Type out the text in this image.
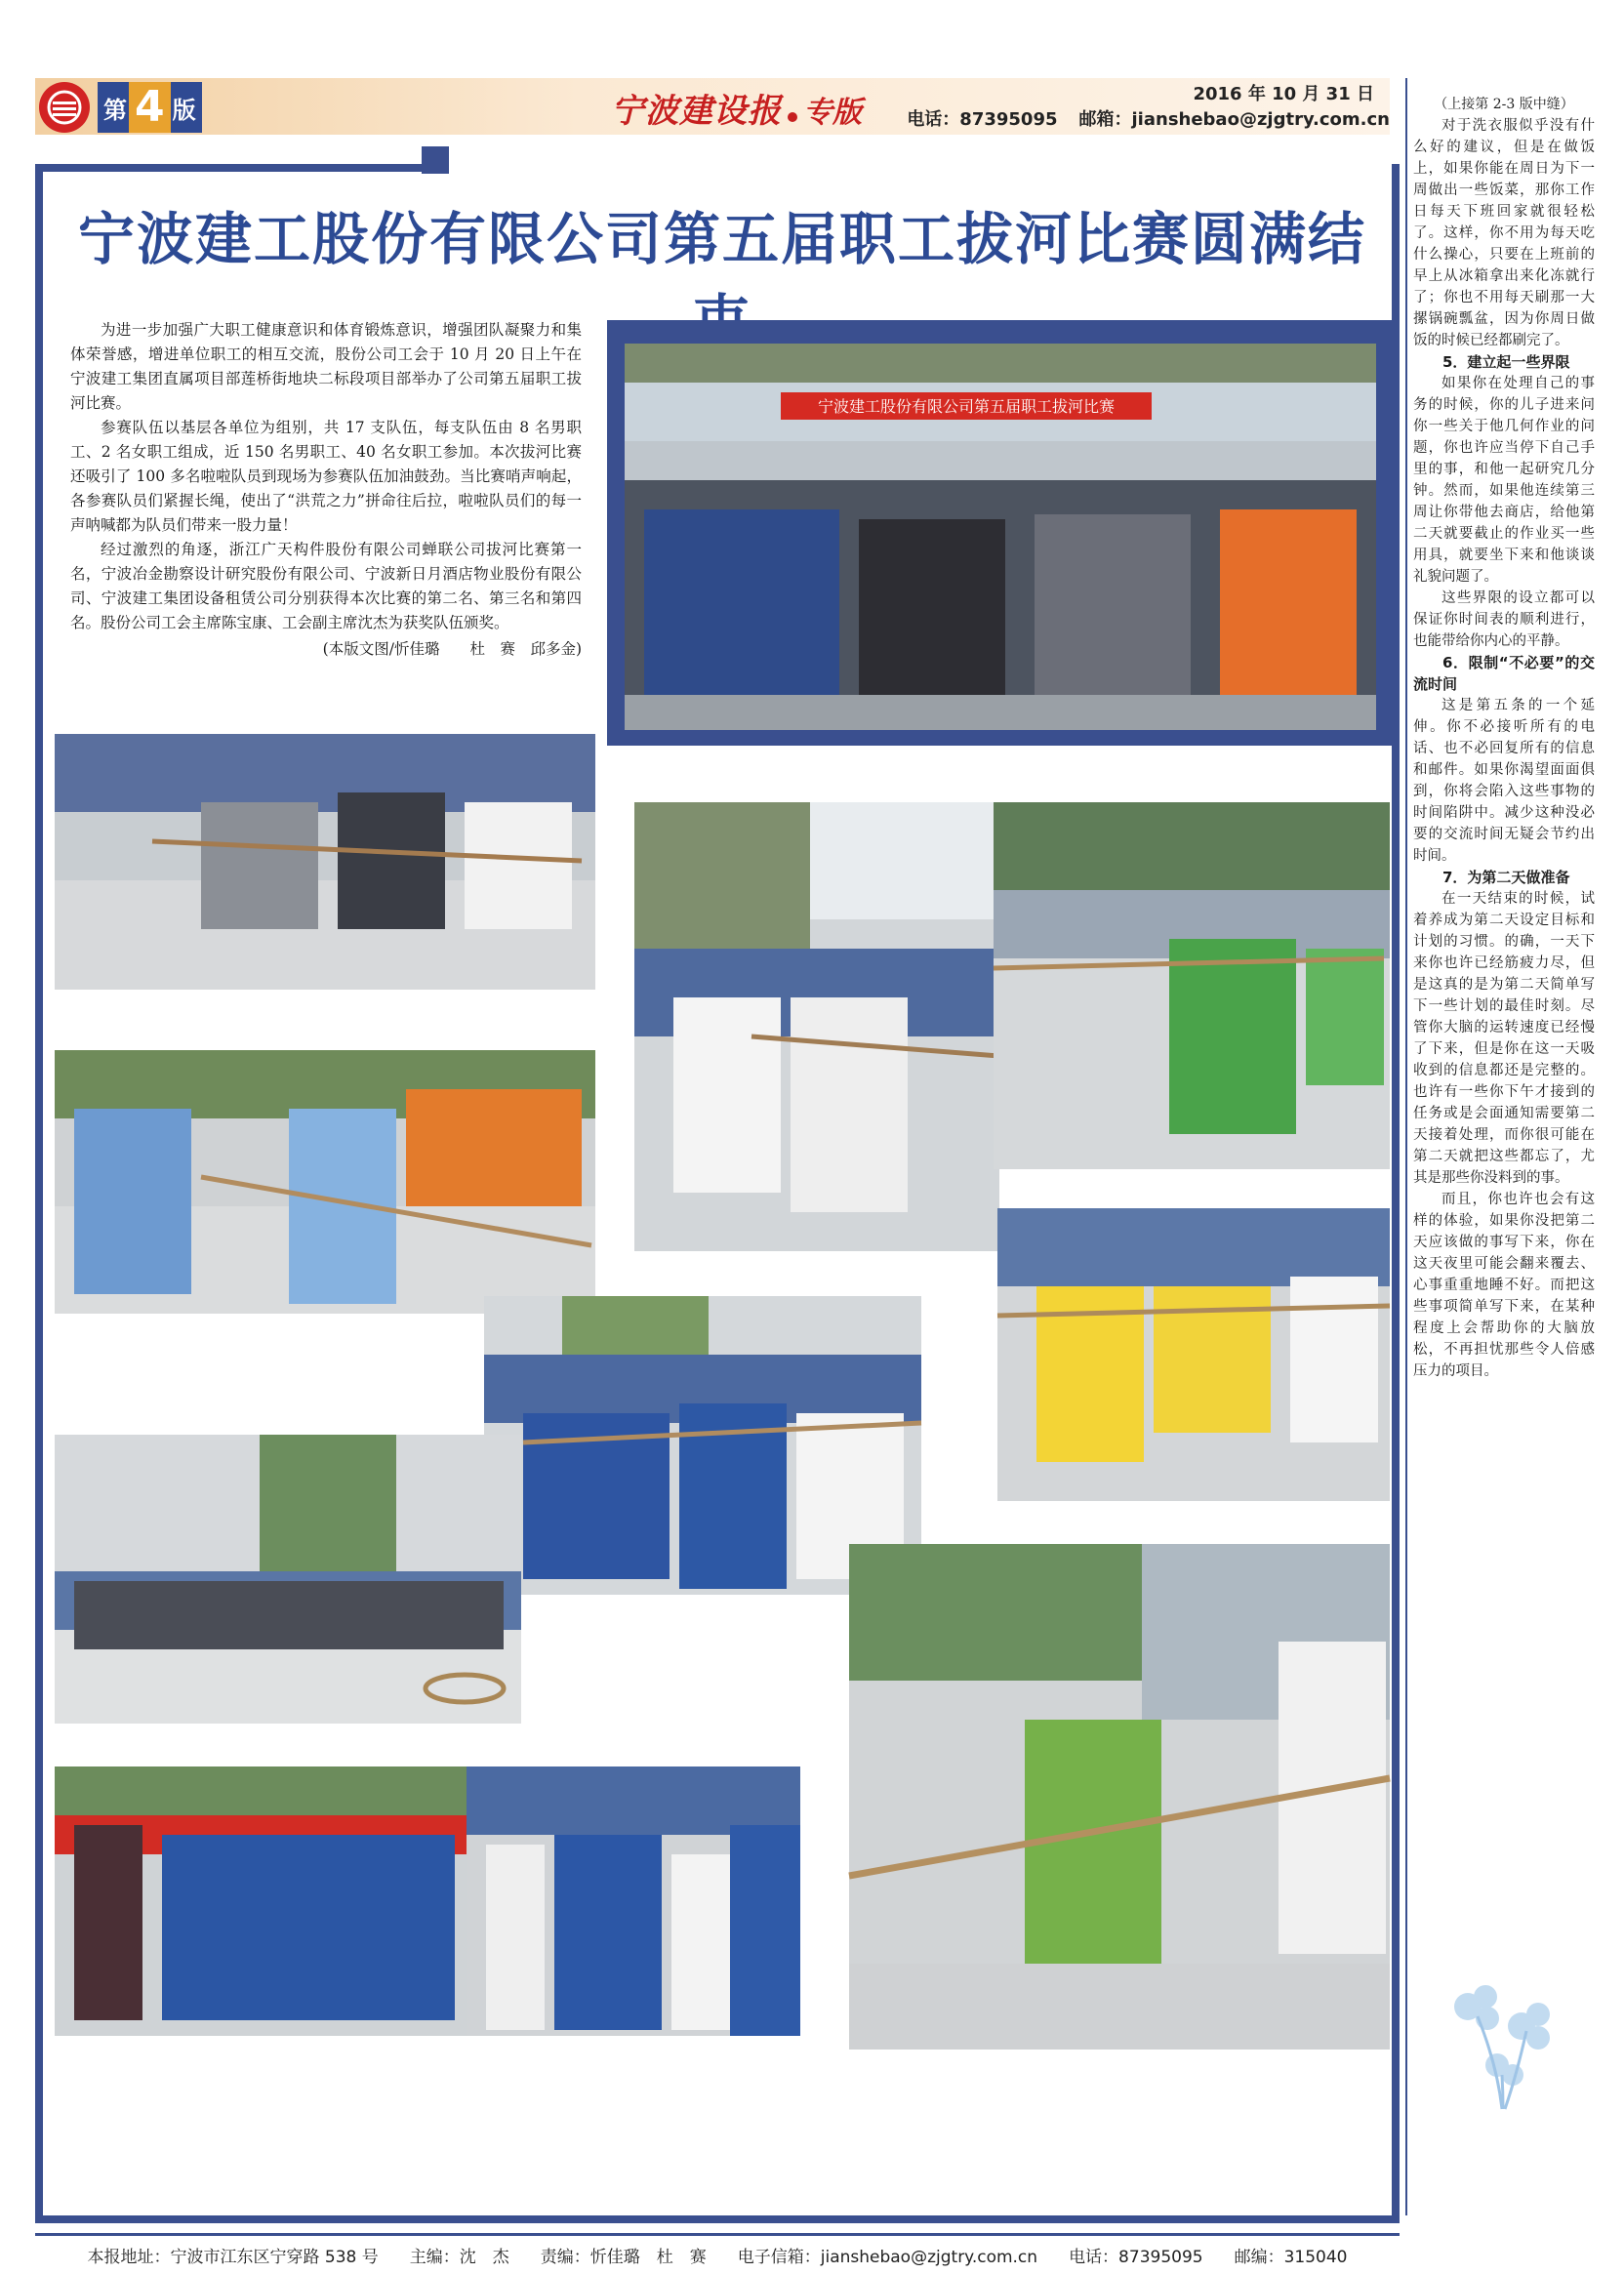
第 4 版	宁波建设报 专版
2016 年 10 月 31 日
电话：87395095 邮箱：jianshebao@zjgtry.com.cn
宁波建工股份有限公司第五届职工拔河比赛圆满结

为进一步加强广大职工健康意识和体育锻炼意识，增强团队凝聚力和集体荣誉感，增进单位职工的相互交流，股份公司工会于 10 月 20 日上午在宁波建工集团直属项目部莲桥街地块二标段项目部举办了公司第五届职工拔河比赛。

参赛队伍以基层各单位为组别，共 17 支队伍，每支队伍由 8 名男职工、2 名女职工组成，近 150 名男职工、40 名女职工参加。本次拔河比赛还吸引了 100 多名啦啦队员到现场为参赛队伍加油鼓劲。当比赛哨声响起，各参赛队员们紧握长绳，使出了“洪荒之力”拼命往后拉，啦啦队员们的每一声呐喊都为队员们带来一股力量！

经过激烈的角逐，浙江广天构件股份有限公司蝉联公司拔河比赛第一名，宁波冶金勘察设计研究股份有限公司、宁波新日月酒店物业股份有限公司、宁波建工集团设备租赁公司分别获得本次比赛的第二名、第三名和第四名。股份公司工会主席陈宝康、工会副主席沈杰为获奖队伍颁奖。

(本版文图/忻佳璐　　杜　赛　邱多金)

宁波建工股份有限公司第五届职工拔河比赛

（上接第 2-3 版中缝）

对于洗衣服似乎没有什么好的建议，但是在做饭上，如果你能在周日为下一周做出一些饭菜，那你工作日每天下班回家就很轻松了。这样，你不用为每天吃什么操心，只要在上班前的早上从冰箱拿出来化冻就行了；你也不用每天刷那一大摞锅碗瓢盆，因为你周日做饭的时候已经都刷完了。

5．建立起一些界限

如果你在处理自己的事务的时候，你的儿子进来问你一些关于他几何作业的问题，你也许应当停下自己手里的事，和他一起研究几分钟。然而，如果他连续第三周让你带他去商店，给他第二天就要截止的作业买一些用具，就要坐下来和他谈谈礼貌问题了。

这些界限的设立都可以保证你时间表的顺利进行，也能带给你内心的平静。

6．限制“不必要”的交流时间

这是第五条的一个延伸。你不必接听所有的电话、也不必回复所有的信息和邮件。如果你渴望面面俱到，你将会陷入这些事物的时间陷阱中。减少这种没必要的交流时间无疑会节约出时间。

7．为第二天做准备

在一天结束的时候，试着养成为第二天设定目标和计划的习惯。的确，一天下来你也许已经筋疲力尽，但是这真的是为第二天简单写下一些计划的最佳时刻。尽管你大脑的运转速度已经慢了下来，但是你在这一天吸收到的信息都还是完整的。也许有一些你下午才接到的任务或是会面通知需要第二天接着处理，而你很可能在第二天就把这些都忘了，尤其是那些你没料到的事。

而且，你也许也会有这样的体验，如果你没把第二天应该做的事写下来，你在这天夜里可能会翻来覆去、心事重重地睡不好。而把这些事项简单写下来，在某种程度上会帮助你的大脑放松，不再担忧那些令人倍感压力的项目。

本报地址：宁波市江东区宁穿路 538 号 主编：沈　杰 责编：忻佳璐　杜　赛 电子信箱：jianshebao@zjgtry.com.cn 电话：87395095 邮编：315040
